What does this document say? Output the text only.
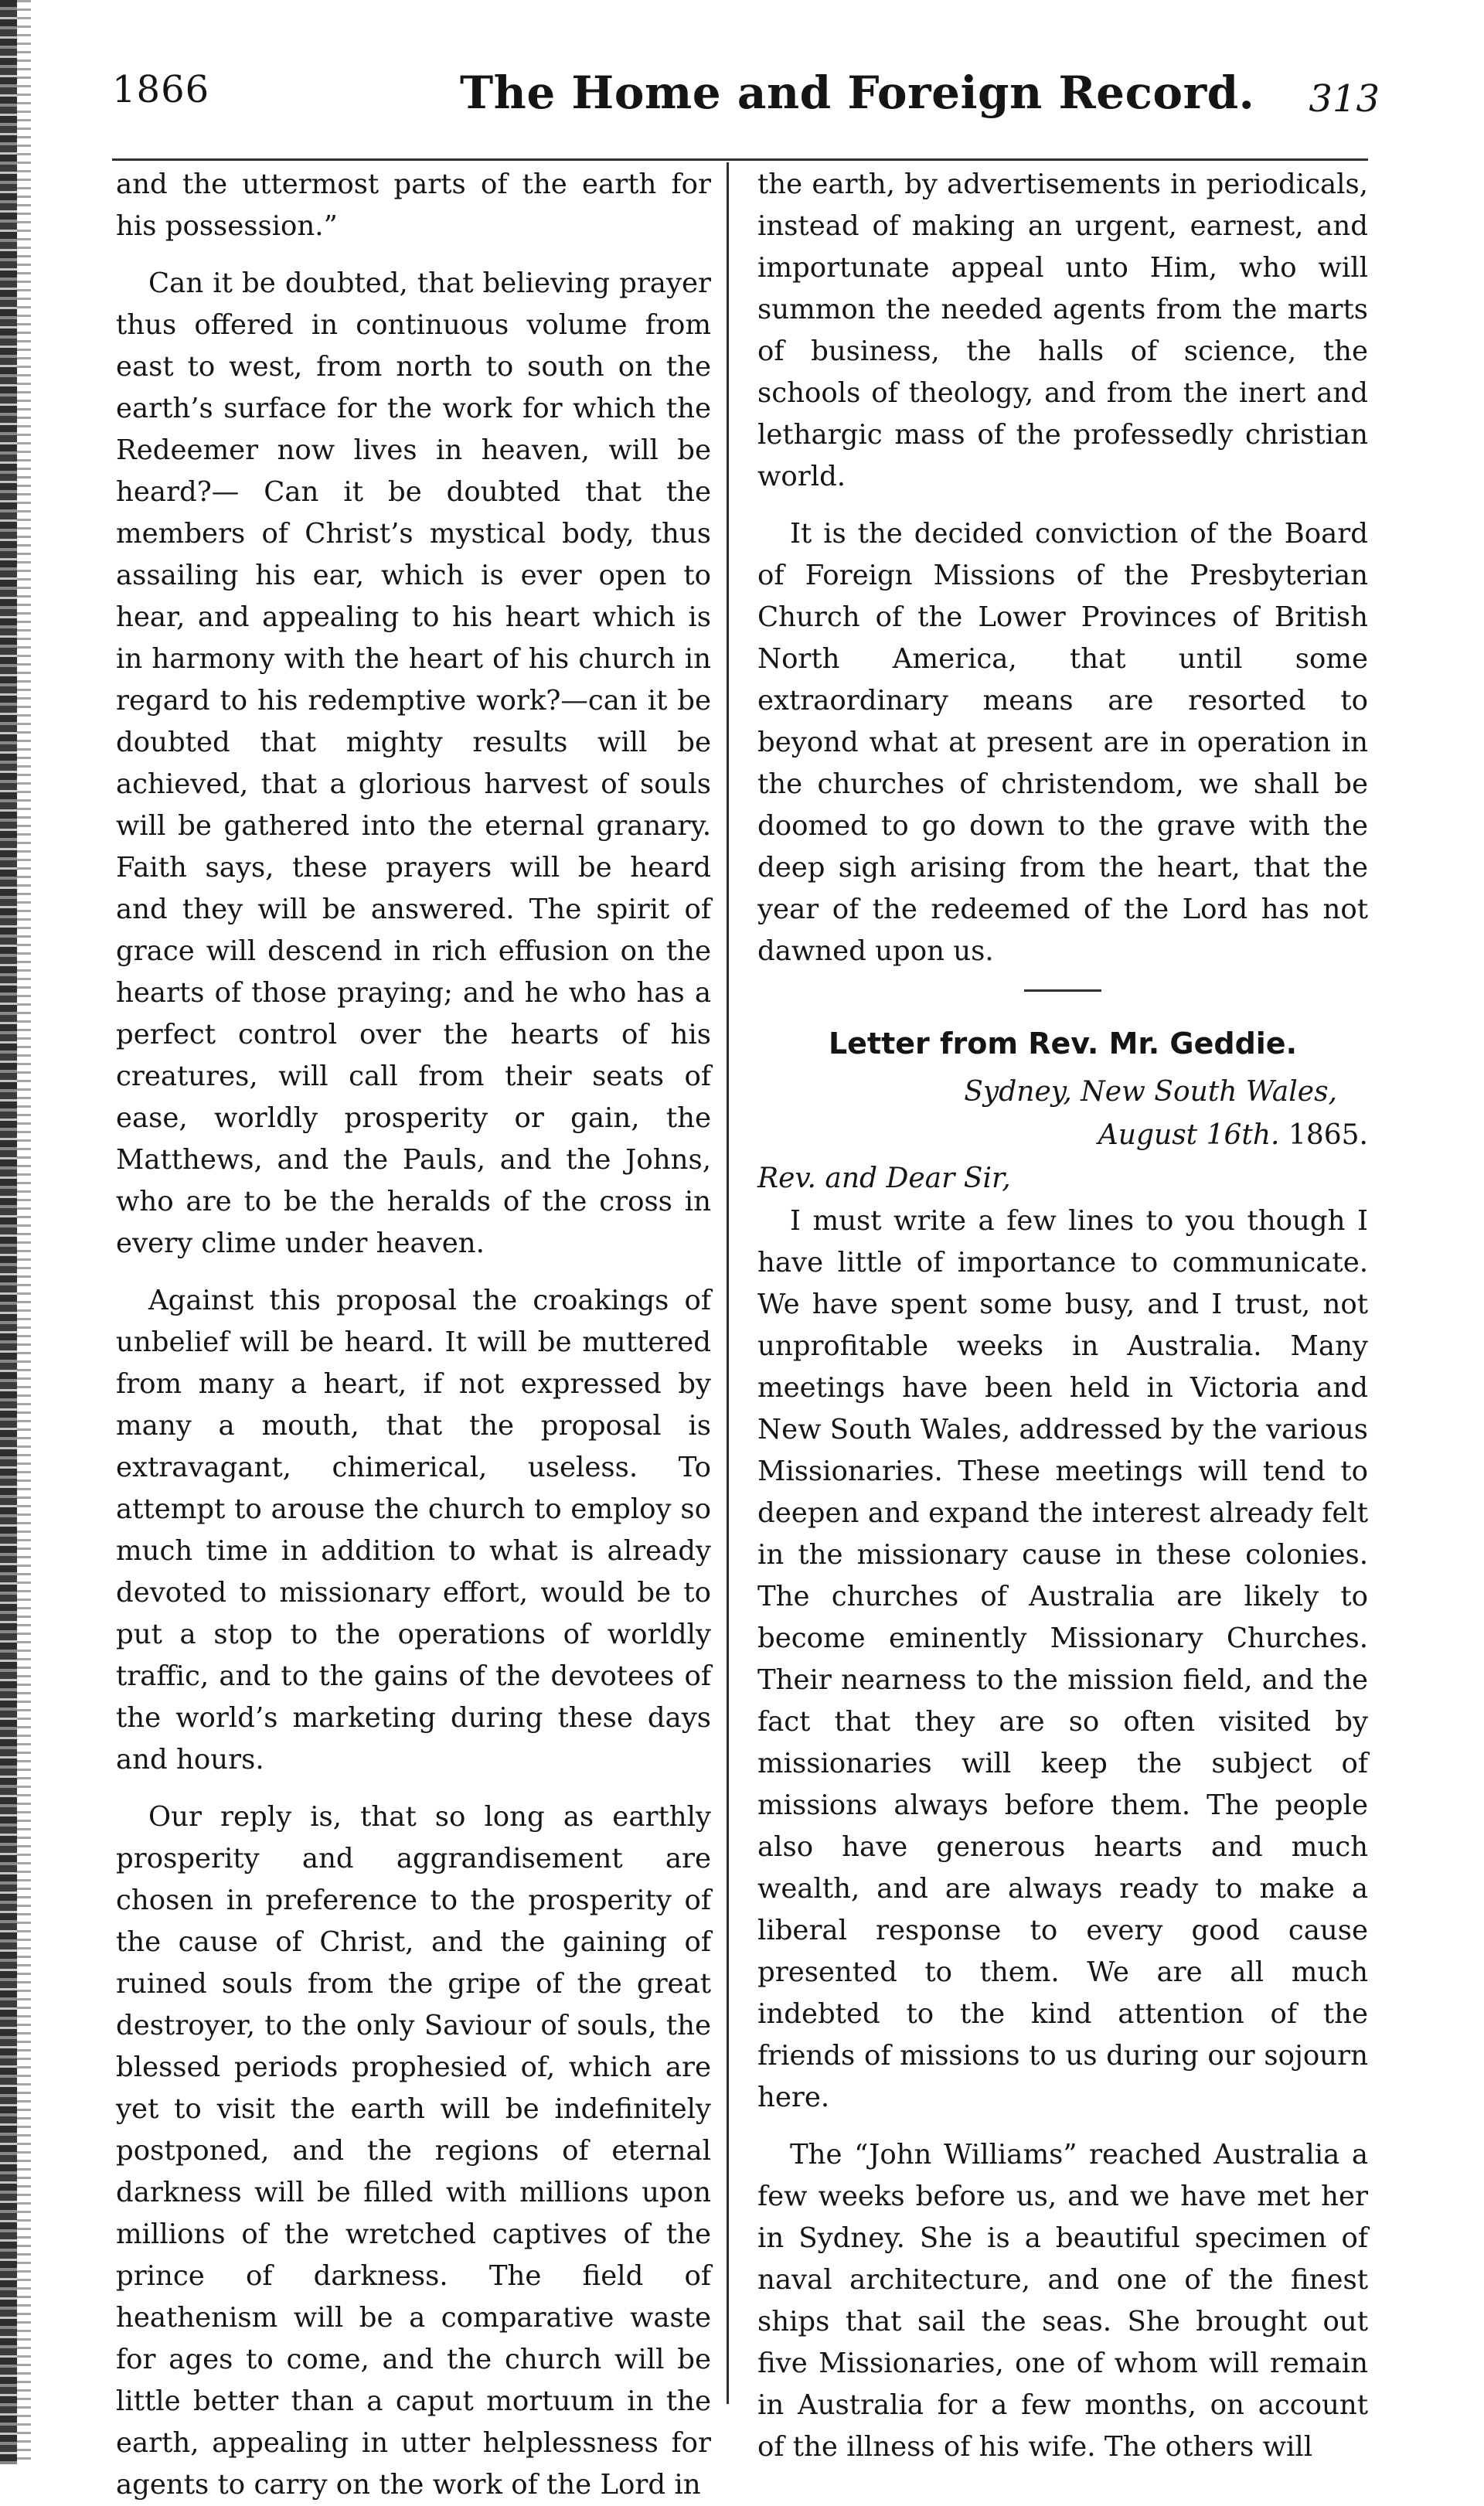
1866	The Home and Foreign Record. 313

and the uttermost parts of the earth for his possession.”

Can it be doubted, that believing prayer thus offered in continuous volume from east to west, from north to south on the earth’s surface for the work for which the Redeemer now lives in heaven, will be heard?— Can it be doubted that the members of Christ’s mystical body, thus assailing his ear, which is ever open to hear, and appealing to his heart which is in harmony with the heart of his church in regard to his redemptive work?—can it be doubted that mighty results will be achieved, that a glorious harvest of souls will be gathered into the eternal granary. Faith says, these prayers will be heard and they will be answered. The spirit of grace will descend in rich effusion on the hearts of those praying; and he who has a perfect control over the hearts of his creatures, will call from their seats of ease, worldly prosperity or gain, the Matthews, and the Pauls, and the Johns, who are to be the heralds of the cross in every clime under heaven.

Against this proposal the croakings of unbelief will be heard. It will be muttered from many a heart, if not expressed by many a mouth, that the proposal is extravagant, chimerical, useless. To attempt to arouse the church to employ so much time in addition to what is already devoted to missionary effort, would be to put a stop to the operations of worldly traffic, and to the gains of the devotees of the world’s marketing during these days and hours.

Our reply is, that so long as earthly prosperity and aggrandisement are chosen in preference to the prosperity of the cause of Christ, and the gaining of ruined souls from the gripe of the great destroyer, to the only Saviour of souls, the blessed periods prophesied of, which are yet to visit the earth will be indefinitely postponed, and the regions of eternal darkness will be filled with millions upon millions of the wretched captives of the prince of darkness. The field of heathenism will be a comparative waste for ages to come, and the church will be little better than a caput mortuum in the earth, appealing in utter helplessness for agents to carry on the work of the Lord in

the earth, by advertisements in periodicals, instead of making an urgent, earnest, and importunate appeal unto Him, who will summon the needed agents from the marts of business, the halls of science, the schools of theology, and from the inert and lethargic mass of the professedly christian world.

It is the decided conviction of the Board of Foreign Missions of the Presbyterian Church of the Lower Provinces of British North America, that until some extraordinary means are resorted to beyond what at present are in operation in the churches of christendom, we shall be doomed to go down to the grave with the deep sigh arising from the heart, that the year of the redeemed of the Lord has not dawned upon us.

Letter from Rev. Mr. Geddie.
Sydney, New South Wales,
August 16th. 1865.
Rev. and Dear Sir,

I must write a few lines to you though I have little of importance to communicate. We have spent some busy, and I trust, not unprofitable weeks in Australia. Many meetings have been held in Victoria and New South Wales, addressed by the various Missionaries. These meetings will tend to deepen and expand the interest already felt in the missionary cause in these colonies. The churches of Australia are likely to become eminently Missionary Churches. Their nearness to the mission field, and the fact that they are so often visited by missionaries will keep the subject of missions always before them. The people also have generous hearts and much wealth, and are always ready to make a liberal response to every good cause presented to them. We are all much indebted to the kind attention of the friends of missions to us during our sojourn here.

The “John Williams” reached Australia a few weeks before us, and we have met her in Sydney. She is a beautiful specimen of naval architecture, and one of the finest ships that sail the seas. She brought out five Missionaries, one of whom will remain in Australia for a few months, on account of the illness of his wife. The others will
